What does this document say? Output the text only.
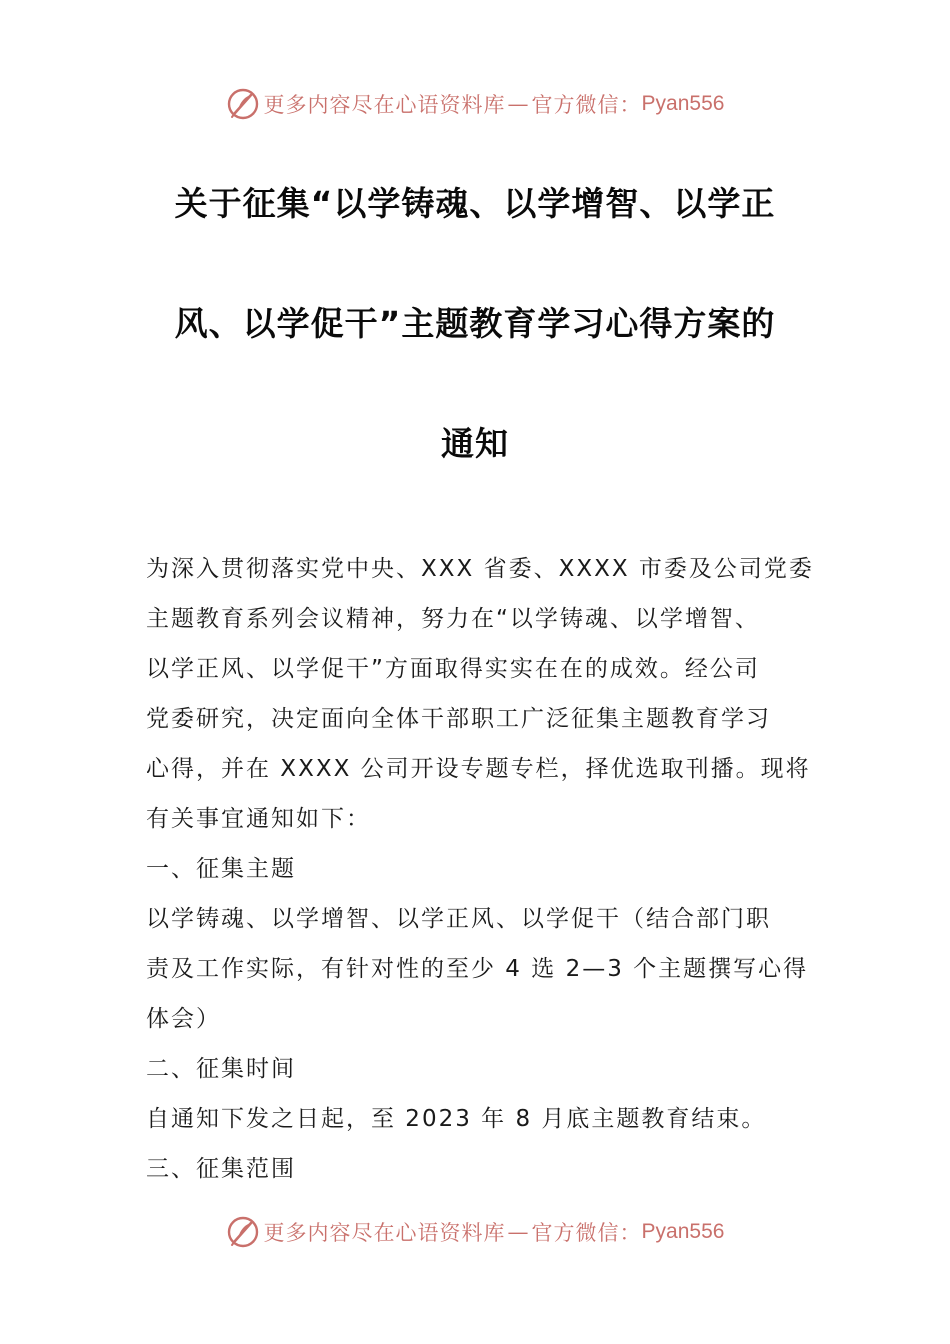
更多内容尽在心语资料库 — 官方微信： Pyan556
关于征集“以学铸魂、以学增智、以学正
风、以学促干”主题教育学习心得方案的
通知
为深入贯彻落实党中央、XXX 省委、XXXX 市委及公司党委
主题教育系列会议精神，努力在“以学铸魂、以学增智、
以学正风、以学促干”方面取得实实在在的成效。经公司
党委研究，决定面向全体干部职工广泛征集主题教育学习
心得，并在 XXXX 公司开设专题专栏，择优选取刊播。现将
有关事宜通知如下：
一、征集主题
以学铸魂、以学增智、以学正风、以学促干（结合部门职
责及工作实际，有针对性的至少 4 选 2—3 个主题撰写心得
体会）
二、征集时间
自通知下发之日起，至 2023 年 8 月底主题教育结束。
三、征集范围
更多内容尽在心语资料库 — 官方微信： Pyan556
